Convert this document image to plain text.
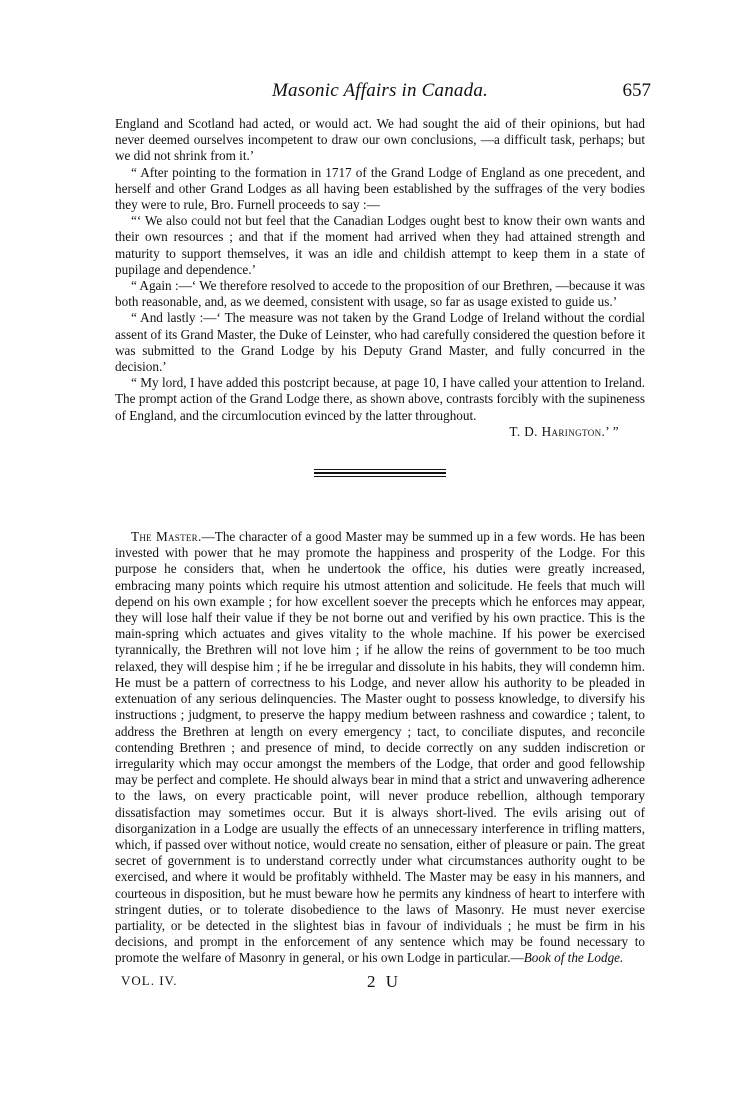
Masonic Affairs in Canada.	657

England and Scotland had acted, or would act. We had sought the aid of their opinions, but had never deemed ourselves incompetent to draw our own conclusions, —a difficult task, perhaps; but we did not shrink from it.’

“ After pointing to the formation in 1717 of the Grand Lodge of England as one precedent, and herself and other Grand Lodges as all having been established by the suffrages of the very bodies they were to rule, Bro. Furnell proceeds to say :—

“‘ We also could not but feel that the Canadian Lodges ought best to know their own wants and their own resources ; and that if the moment had arrived when they had attained strength and maturity to support themselves, it was an idle and childish attempt to keep them in a state of pupilage and dependence.’

“ Again :—‘ We therefore resolved to accede to the proposition of our Brethren, —because it was both reasonable, and, as we deemed, consistent with usage, so far as usage existed to guide us.’

“ And lastly :—‘ The measure was not taken by the Grand Lodge of Ireland without the cordial assent of its Grand Master, the Duke of Leinster, who had carefully considered the question before it was submitted to the Grand Lodge by his Deputy Grand Master, and fully concurred in the decision.’

“ My lord, I have added this postcript because, at page 10, I have called your attention to Ireland. The prompt action of the Grand Lodge there, as shown above, contrasts forcibly with the supineness of England, and the circumlocution evinced by the latter throughout.

T. D. Harington.’ ”

The Master.—The character of a good Master may be summed up in a few words. He has been invested with power that he may promote the happiness and prosperity of the Lodge. For this purpose he considers that, when he undertook the office, his duties were greatly increased, embracing many points which require his utmost attention and solicitude. He feels that much will depend on his own example ; for how excellent soever the precepts which he enforces may appear, they will lose half their value if they be not borne out and verified by his own practice. This is the main-spring which actuates and gives vitality to the whole machine. If his power be exercised tyrannically, the Brethren will not love him ; if he allow the reins of government to be too much relaxed, they will despise him ; if he be irregular and dissolute in his habits, they will condemn him. He must be a pattern of correctness to his Lodge, and never allow his authority to be pleaded in extenuation of any serious delinquencies. The Master ought to possess knowledge, to diversify his instructions ; judgment, to preserve the happy medium between rashness and cowardice ; talent, to address the Brethren at length on every emergency ; tact, to conciliate disputes, and reconcile contending Brethren ; and presence of mind, to decide correctly on any sudden indiscretion or irregularity which may occur amongst the members of the Lodge, that order and good fellowship may be perfect and complete. He should always bear in mind that a strict and unwavering adherence to the laws, on every practicable point, will never produce rebellion, although temporary dissatisfaction may sometimes occur. But it is always short-lived. The evils arising out of disorganization in a Lodge are usually the effects of an unnecessary interference in trifling matters, which, if passed over without notice, would create no sensation, either of pleasure or pain. The great secret of government is to understand correctly under what circumstances authority ought to be exercised, and where it would be profitably withheld. The Master may be easy in his manners, and courteous in disposition, but he must beware how he permits any kindness of heart to interfere with stringent duties, or to tolerate disobedience to the laws of Masonry. He must never exercise partiality, or be detected in the slightest bias in favour of individuals ; he must be firm in his decisions, and prompt in the enforcement of any sentence which may be found necessary to promote the welfare of Masonry in general, or his own Lodge in particular.—Book of the Lodge.

VOL. IV.	2 U
